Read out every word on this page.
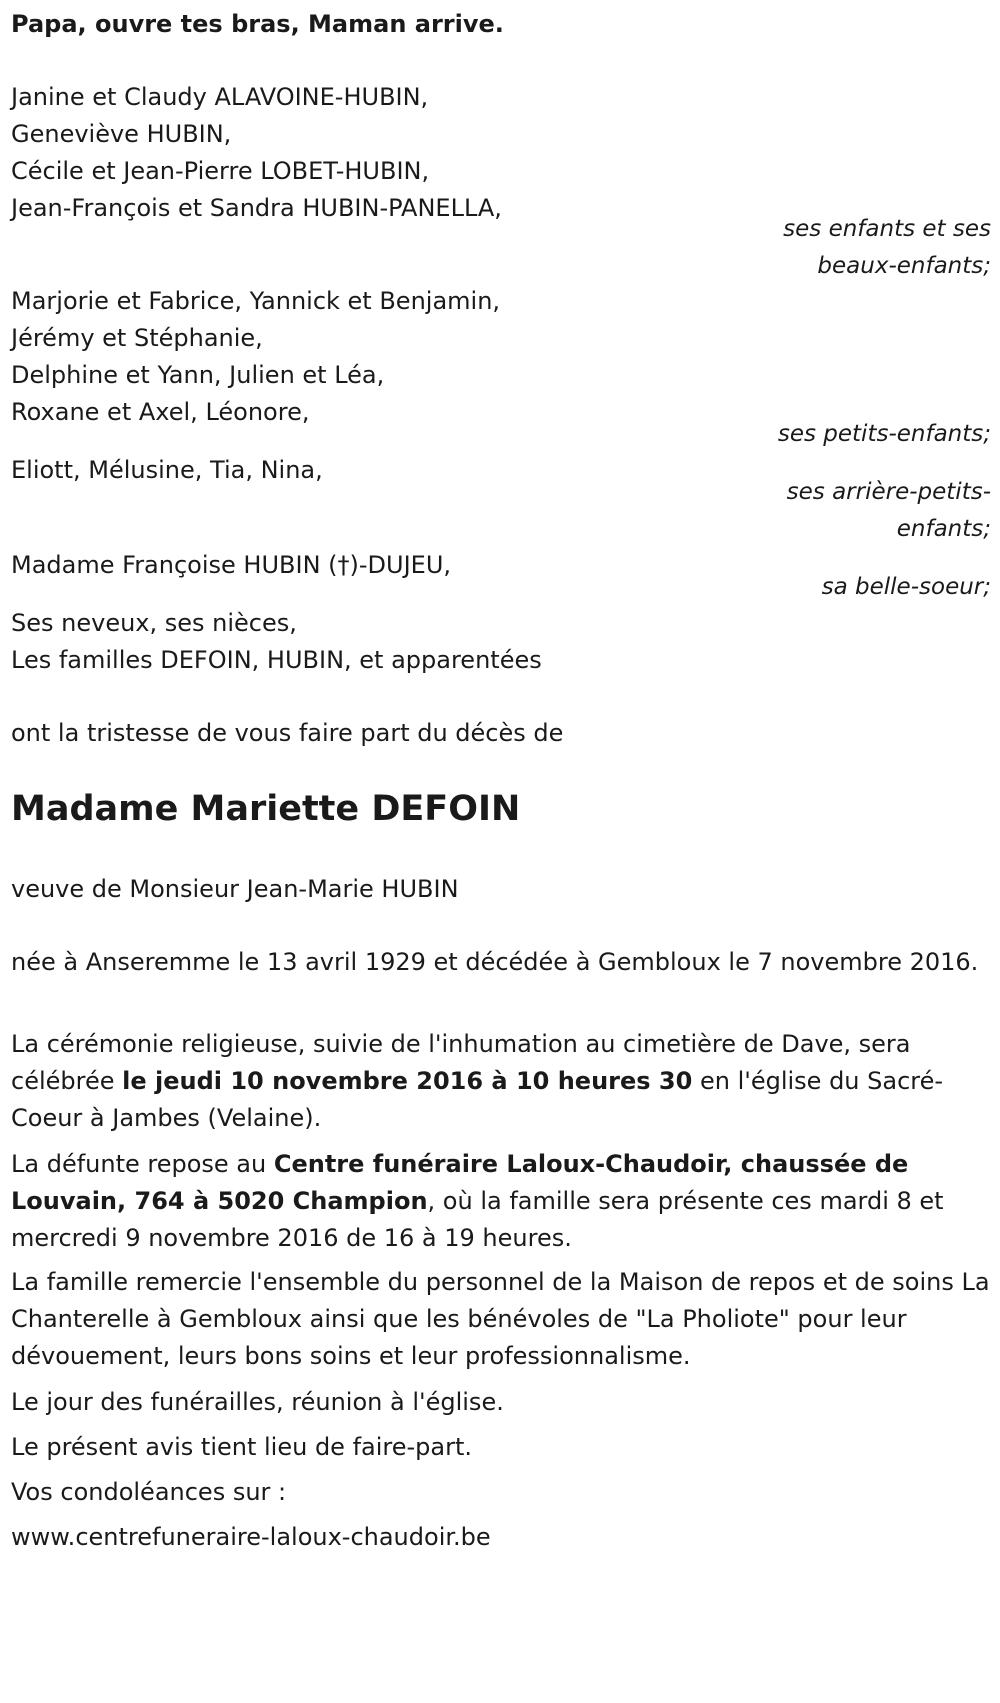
Papa, ouvre tes bras, Maman arrive.
Janine et Claudy ALAVOINE-HUBIN,
Geneviève HUBIN,
Cécile et Jean-Pierre LOBET-HUBIN,
Jean-François et Sandra HUBIN-PANELLA,
ses enfants et ses beaux-enfants;
Marjorie et Fabrice, Yannick et Benjamin,
Jérémy et Stéphanie,
Delphine et Yann, Julien et Léa,
Roxane et Axel, Léonore,
ses petits-enfants;
Eliott, Mélusine, Tia, Nina,
ses arrière-petits-enfants;
Madame Françoise HUBIN (†)-DUJEU,
sa belle-soeur;
Ses neveux, ses nièces,
Les familles DEFOIN, HUBIN, et apparentées
ont la tristesse de vous faire part du décès de
Madame Mariette DEFOIN
veuve de Monsieur Jean-Marie HUBIN
née à Anseremme le 13 avril 1929 et décédée à Gembloux le 7 novembre 2016.
La cérémonie religieuse, suivie de l'inhumation au cimetière de Dave, sera célébrée le jeudi 10 novembre 2016 à 10 heures 30 en l'église du Sacré-Coeur à Jambes (Velaine).
La défunte repose au Centre funéraire Laloux-Chaudoir, chaussée de Louvain, 764 à 5020 Champion, où la famille sera présente ces mardi 8 et mercredi 9 novembre 2016 de 16 à 19 heures.
La famille remercie l'ensemble du personnel de la Maison de repos et de soins La Chanterelle à Gembloux ainsi que les bénévoles de "La Pholiote" pour leur dévouement, leurs bons soins et leur professionnalisme.
Le jour des funérailles, réunion à l'église.
Le présent avis tient lieu de faire-part.
Vos condoléances sur :
www.centrefuneraire-laloux-chaudoir.be
